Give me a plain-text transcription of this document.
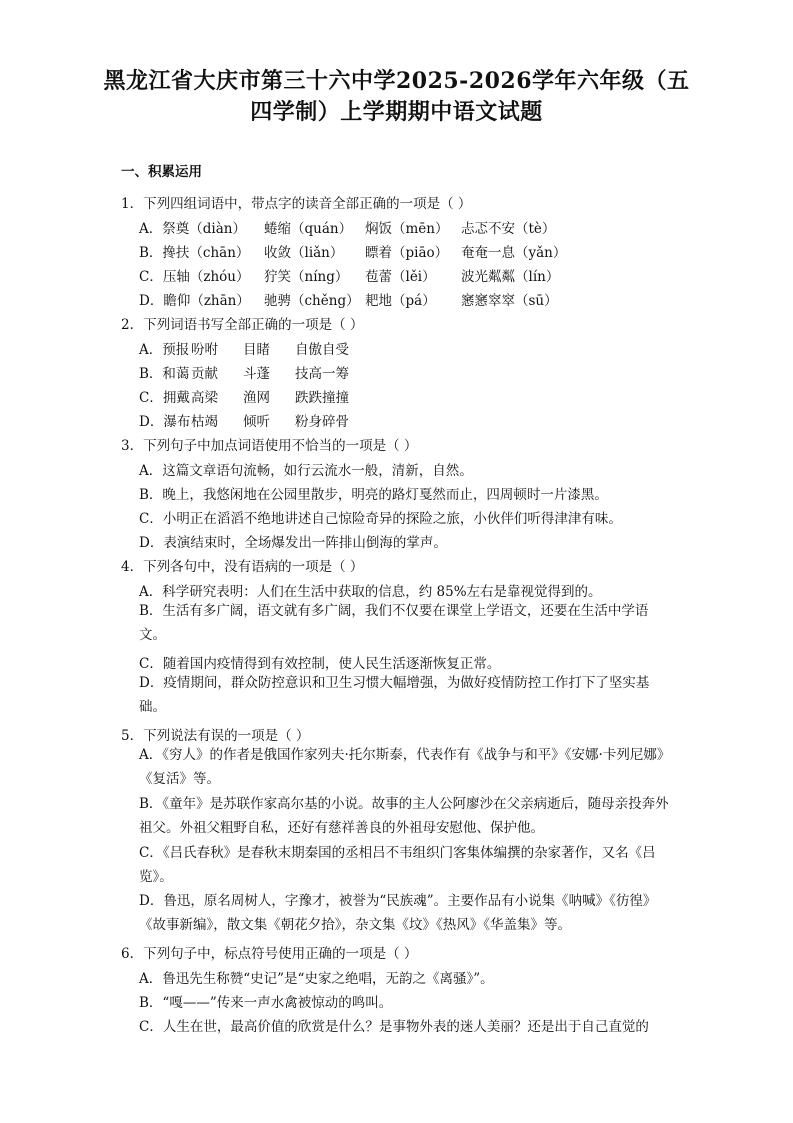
黑龙江省大庆市第三十六中学2025-2026学年六年级（五四学制）上学期期中语文试题
一、积累运用
1．下列四组词语中，带点字的读音全部正确的一项是（ ）
A．祭奠（diàn） 蜷缩（quán） 焖饭（mēn） 忐忑不安（tè）
B．搀扶（chān） 收敛（liǎn） 瞟着（piāo） 奄奄一息（yǎn）
C．压轴（zhóu） 狞笑（níng） 苞蕾（lěi） 波光粼粼（lín）
D．瞻仰（zhān） 驰骋（chěng） 耙地（pá） 窸窸窣窣（sū）
2．下列词语书写全部正确的一项是（ ）
A．预报 吩咐 目睹 自傲自受
B．和蔼 贡献 斗蓬 技高一筹
C．拥戴高梁 渔网 跌跌撞撞
D．瀑布枯竭 倾听 粉身碎骨
3．下列句子中加点词语使用不恰当的一项是（ ）
A．这篇文章语句流畅，如行云流水一般，清新，自然。
B．晚上，我悠闲地在公园里散步，明亮的路灯戛然而止，四周顿时一片漆黑。
C．小明正在滔滔不绝地讲述自己惊险奇异的探险之旅，小伙伴们听得津津有味。
D．表演结束时，全场爆发出一阵排山倒海的掌声。
4．下列各句中，没有语病的一项是（ ）
A．科学研究表明：人们在生活中获取的信息，约 85%左右是靠视觉得到的。
B．生活有多广阔，语文就有多广阔，我们不仅要在课堂上学语文，还要在生活中学语文。
C．随着国内疫情得到有效控制，使人民生活逐渐恢复正常。
D．疫情期间，群众防控意识和卫生习惯大幅增强，为做好疫情防控工作打下了坚实基础。
5．下列说法有误的一项是（ ）
A．《穷人》的作者是俄国作家列夫·托尔斯泰，代表作有《战争与和平》《安娜·卡列尼娜》《复活》等。
B．《童年》是苏联作家高尔基的小说。故事的主人公阿廖沙在父亲病逝后，随母亲投奔外祖父。外祖父粗野自私，还好有慈祥善良的外祖母安慰他、保护他。
C．《吕氏春秋》是春秋末期秦国的丞相吕不韦组织门客集体编撰的杂家著作，又名《吕览》。
D．鲁迅，原名周树人，字豫才，被誉为“民族魂”。主要作品有小说集《呐喊》《彷徨》《故事新编》，散文集《朝花夕拾》，杂文集《坟》《热风》《华盖集》等。
6．下列句子中，标点符号使用正确的一项是（ ）
A．鲁迅先生称赞“史记”是“史家之绝唱，无韵之《离骚》”。
B．“嘎——”传来一声水禽被惊动的鸣叫。
C．人生在世，最高价值的欣赏是什么？是事物外表的迷人美丽？还是出于自己直觉的
